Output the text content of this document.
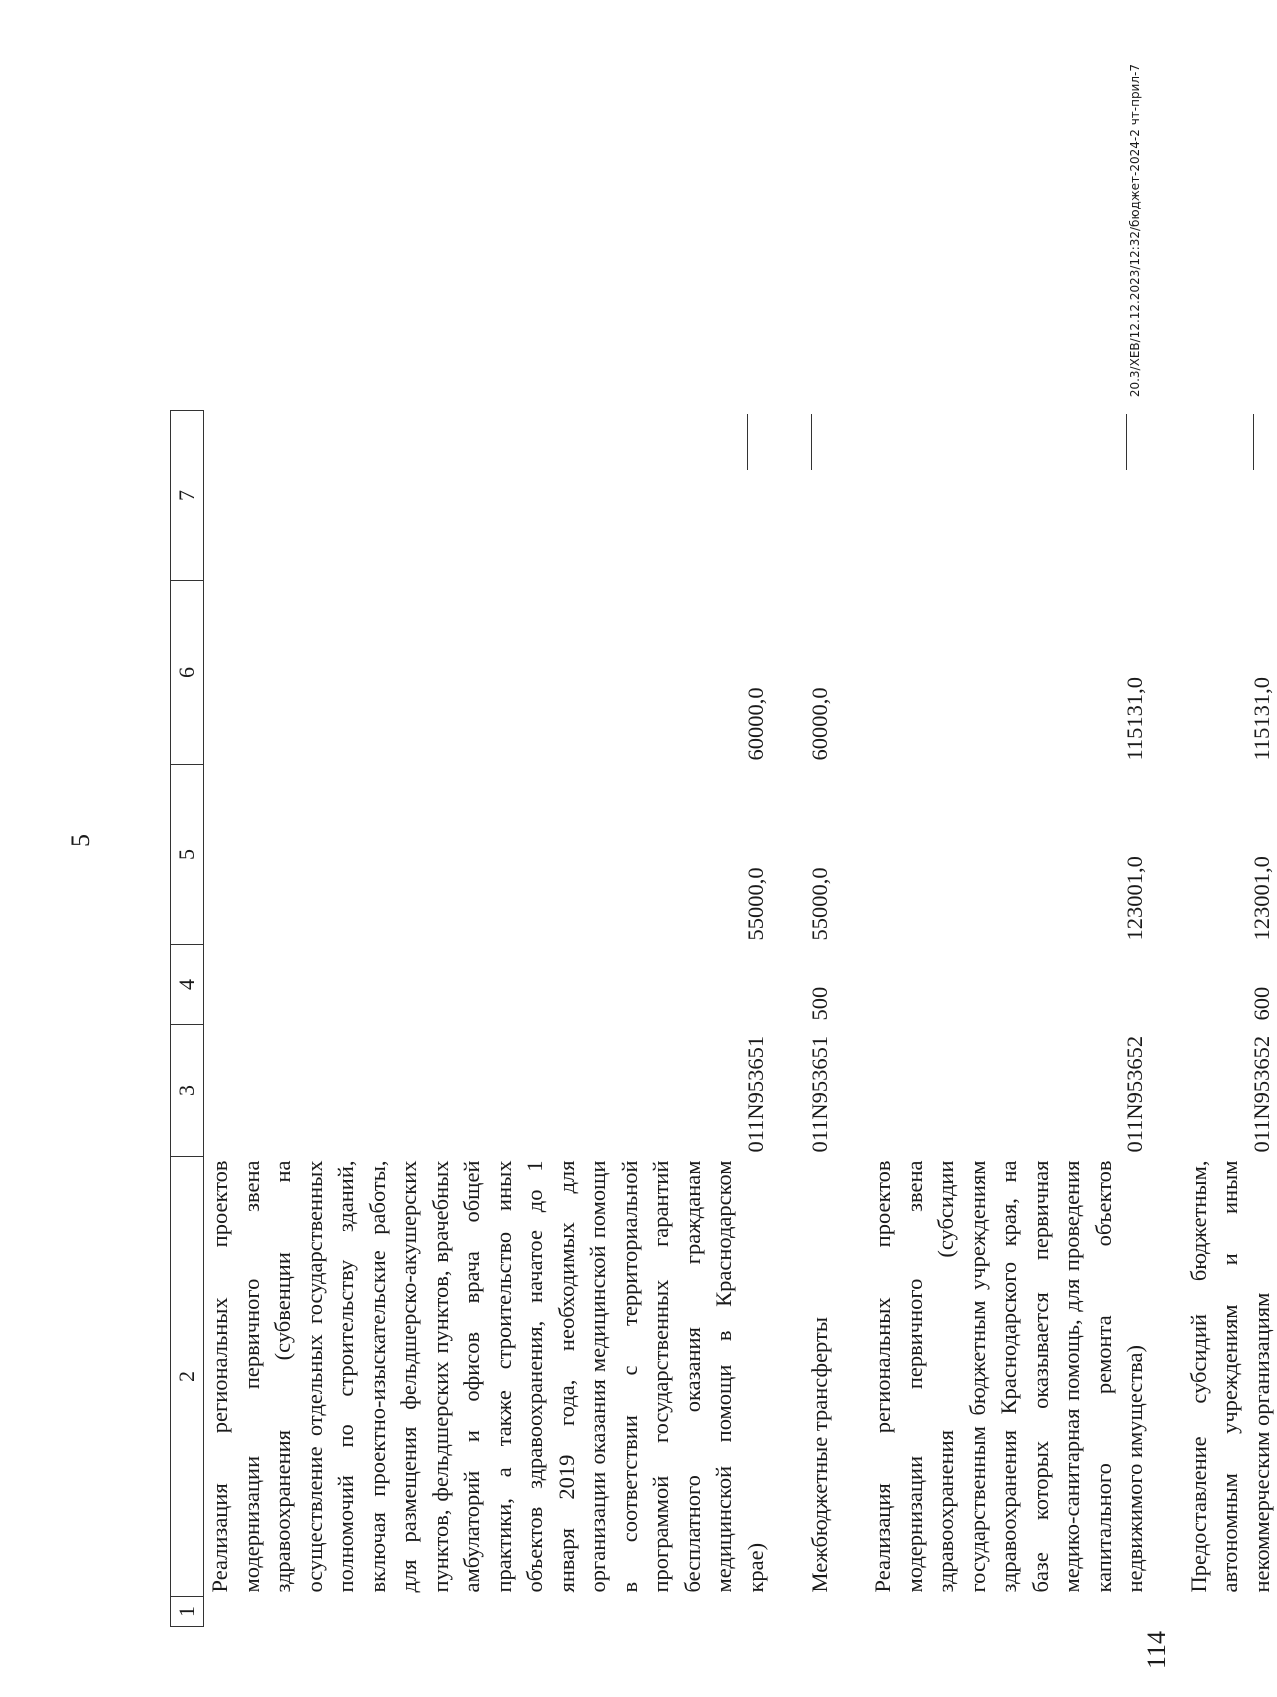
5
1	2	3	4	5	6	7
	Реализация региональных проектов модернизации первичного звена здравоохранения (субвенции на осуществление отдельных государственных полномочий по строительству зданий, включая проектно-изыскательские работы, для размещения фельдшерско-акушерских пунктов, фельдшерских пунктов, врачебных амбулаторий и офисов врача общей практики, а также строительство иных объектов здравоохранения, начатое до 1 января 2019 года, необходимых для организации оказания медицинской помощи в соответствии с территориальной программой государственных гарантий бесплатного оказания гражданам медицинской помощи в Краснодарском крае)	011N953651		55000,0	60000,0	
	Межбюджетные трансферты	011N953651	500	55000,0	60000,0	
	Реализация региональных проектов модернизации первичного звена здравоохранения (субсидии государственным бюджетным учреждениям здравоохранения Краснодарского края, на базе которых оказывается первичная медико-санитарная помощь, для проведения капитального ремонта объектов недвижимого имущества)	011N953652		123001,0	115131,0	
	Предоставление субсидий бюджетным, автономным учреждениям и иным некоммерческим организациям	011N953652	600	123001,0	115131,0	
20.3/ХЕВ/12.12.2023/12:32/бюджет-2024-2 чт-прил-7
114
